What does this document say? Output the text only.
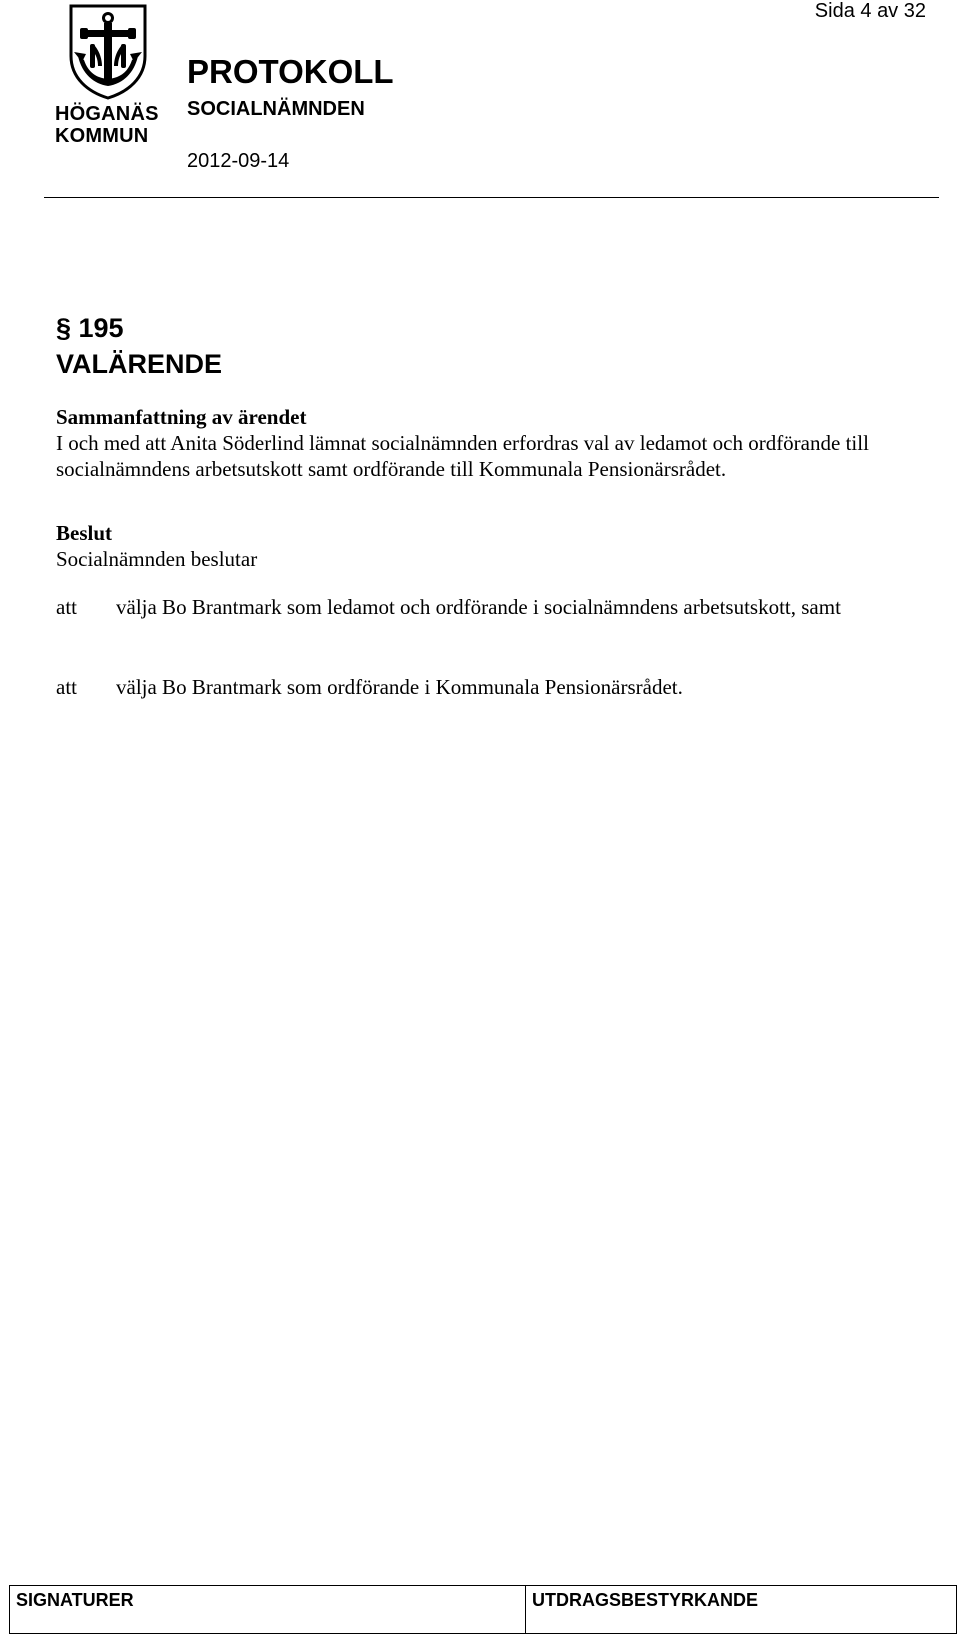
Sida 4 av 32
HÖGANÄS
KOMMUN
PROTOKOLL
SOCIALNÄMNDEN
2012-09-14
§ 195
VALÄRENDE
Sammanfattning av ärendet
I och med att Anita Söderlind lämnat socialnämnden erfordras val av ledamot och ordförande till socialnämndens arbetsutskott samt ordförande till Kommunala Pensionärsrådet.
Beslut
Socialnämnden beslutar
att välja Bo Brantmark som ledamot och ordförande i socialnämndens arbetsutskott, samt
att välja Bo Brantmark som ordförande i Kommunala Pensionärsrådet.
SIGNATURER	UTDRAGSBESTYRKANDE
